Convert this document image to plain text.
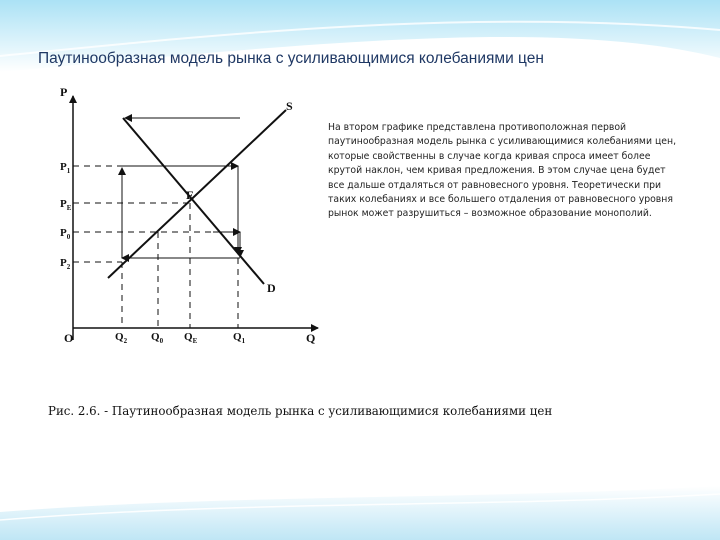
Паутинообразная модель рынка с усиливающимися колебаниями цен
P
Q
O
S
D
E
$P_1$
$P_E$
$P_0$
$P_2$
$Q_2$ $Q_0$ $Q_E$	$Q_1$

На втором графике представлена противоположная первой паутинообразная модель рынка с усиливающимися колебаниями цен, которые свойственны в случае когда кривая спроса имеет более крутой наклон, чем кривая предложения. В этом случае цена будет все дальше отдаляться от равновесного уровня. Теоретически при таких колебаниях и все большего отдаления от равновесного уровня рынок может разрушиться – возможное образование монополий.

Рис. 2.6. - Паутинообразная модель рынка с усиливающимися колебаниями цен
